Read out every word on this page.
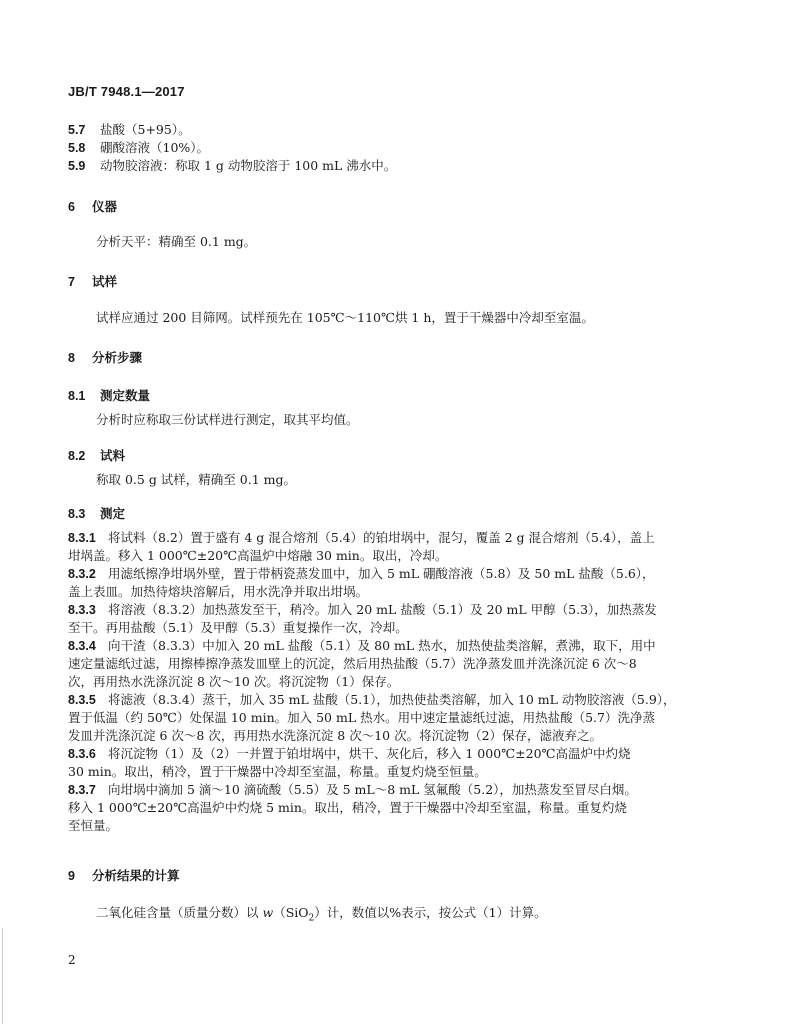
JB/T 7948.1—2017
5.7 盐酸（5+95）。
5.8 硼酸溶液（10%）。
5.9 动物胶溶液：称取 1 g 动物胶溶于 100 mL 沸水中。
6 仪器
分析天平：精确至 0.1 mg。
7 试样
试样应通过 200 目筛网。试样预先在 105℃～110℃烘 1 h，置于干燥器中冷却至室温。
8 分析步骤
8.1 测定数量
分析时应称取三份试样进行测定，取其平均值。
8.2 试料
称取 0.5 g 试样，精确至 0.1 mg。
8.3 测定
8.3.1 将试料（8.2）置于盛有 4 g 混合熔剂（5.4）的铂坩埚中，混匀，覆盖 2 g 混合熔剂（5.4），盖上
坩埚盖。移入 1 000℃±20℃高温炉中熔融 30 min。取出，冷却。
8.3.2 用滤纸擦净坩埚外壁，置于带柄瓷蒸发皿中，加入 5 mL 硼酸溶液（5.8）及 50 mL 盐酸（5.6），
盖上表皿。加热待熔块溶解后，用水洗净并取出坩埚。
8.3.3 将溶液（8.3.2）加热蒸发至干，稍冷。加入 20 mL 盐酸（5.1）及 20 mL 甲醇（5.3），加热蒸发
至干。再用盐酸（5.1）及甲醇（5.3）重复操作一次，冷却。
8.3.4 向干渣（8.3.3）中加入 20 mL 盐酸（5.1）及 80 mL 热水，加热使盐类溶解，煮沸，取下，用中
速定量滤纸过滤，用擦棒擦净蒸发皿壁上的沉淀，然后用热盐酸（5.7）洗净蒸发皿并洗涤沉淀 6 次～8
次，再用热水洗涤沉淀 8 次～10 次。将沉淀物（1）保存。
8.3.5 将滤液（8.3.4）蒸干，加入 35 mL 盐酸（5.1），加热使盐类溶解，加入 10 mL 动物胶溶液（5.9），
置于低温（约 50℃）处保温 10 min。加入 50 mL 热水。用中速定量滤纸过滤，用热盐酸（5.7）洗净蒸
发皿并洗涤沉淀 6 次～8 次，再用热水洗涤沉淀 8 次～10 次。将沉淀物（2）保存，滤液弃之。
8.3.6 将沉淀物（1）及（2）一并置于铂坩埚中，烘干、灰化后，移入 1 000℃±20℃高温炉中灼烧
30 min。取出，稍冷，置于干燥器中冷却至室温，称量。重复灼烧至恒量。
8.3.7 向坩埚中滴加 5 滴～10 滴硫酸（5.5）及 5 mL～8 mL 氢氟酸（5.2），加热蒸发至冒尽白烟。
移入 1 000℃±20℃高温炉中灼烧 5 min。取出，稍冷，置于干燥器中冷却至室温，称量。重复灼烧
至恒量。
9 分析结果的计算
二氧化硅含量（质量分数）以 w（SiO$_2$）计，数值以%表示，按公式（1）计算。
2
